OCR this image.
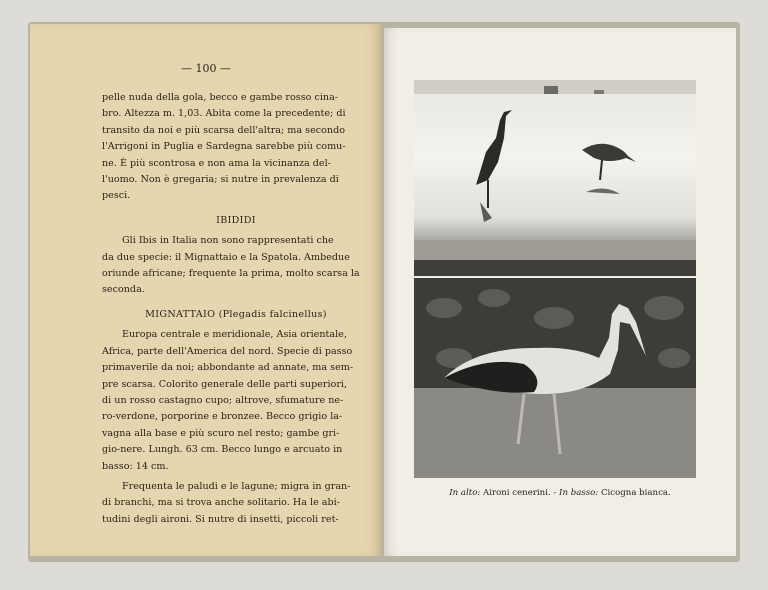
— 100 —
pelle nuda della gola, becco e gambe rosso cina-
bro. Altezza m. 1,03. Abita come la precedente; di
transito da noi e più scarsa dell'altra; ma secondo
l'Arrigoni in Puglia e Sardegna sarebbe più comu-
ne. È più scontrosa e non ama la vicinanza del-
l'uomo. Non è gregaria; si nutre in prevalenza di
pesci.
IBIDIDI
Gli Ibis in Italia non sono rappresentati che
da due specie: il Mignattaio e la Spatola. Ambedue
oriunde africane; frequente la prima, molto scarsa la
seconda.
MIGNATTAIO (Plegadis falcinellus)
Europa centrale e meridionale, Asia orientale,
Africa, parte dell'America del nord. Specie di passo
primaverile da noi; abbondante ad annate, ma sem-
pre scarsa. Colorito generale delle parti superiori,
di un rosso castagno cupo; altrove, sfumature ne-
ro-verdone, porporine e bronzee. Becco grigio la-
vagna alla base e più scuro nel resto; gambe gri-
gio-nere. Lungh. 63 cm. Becco lungo e arcuato in
basso: 14 cm.
Frequenta le paludi e le lagune; migra in gran-
di branchi, ma si trova anche solitario. Ha le abi-
tudini degli aironi. Si nutre di insetti, piccoli ret-
In alto: Aironi cenerini. - In basso: Cicogna bianca.
